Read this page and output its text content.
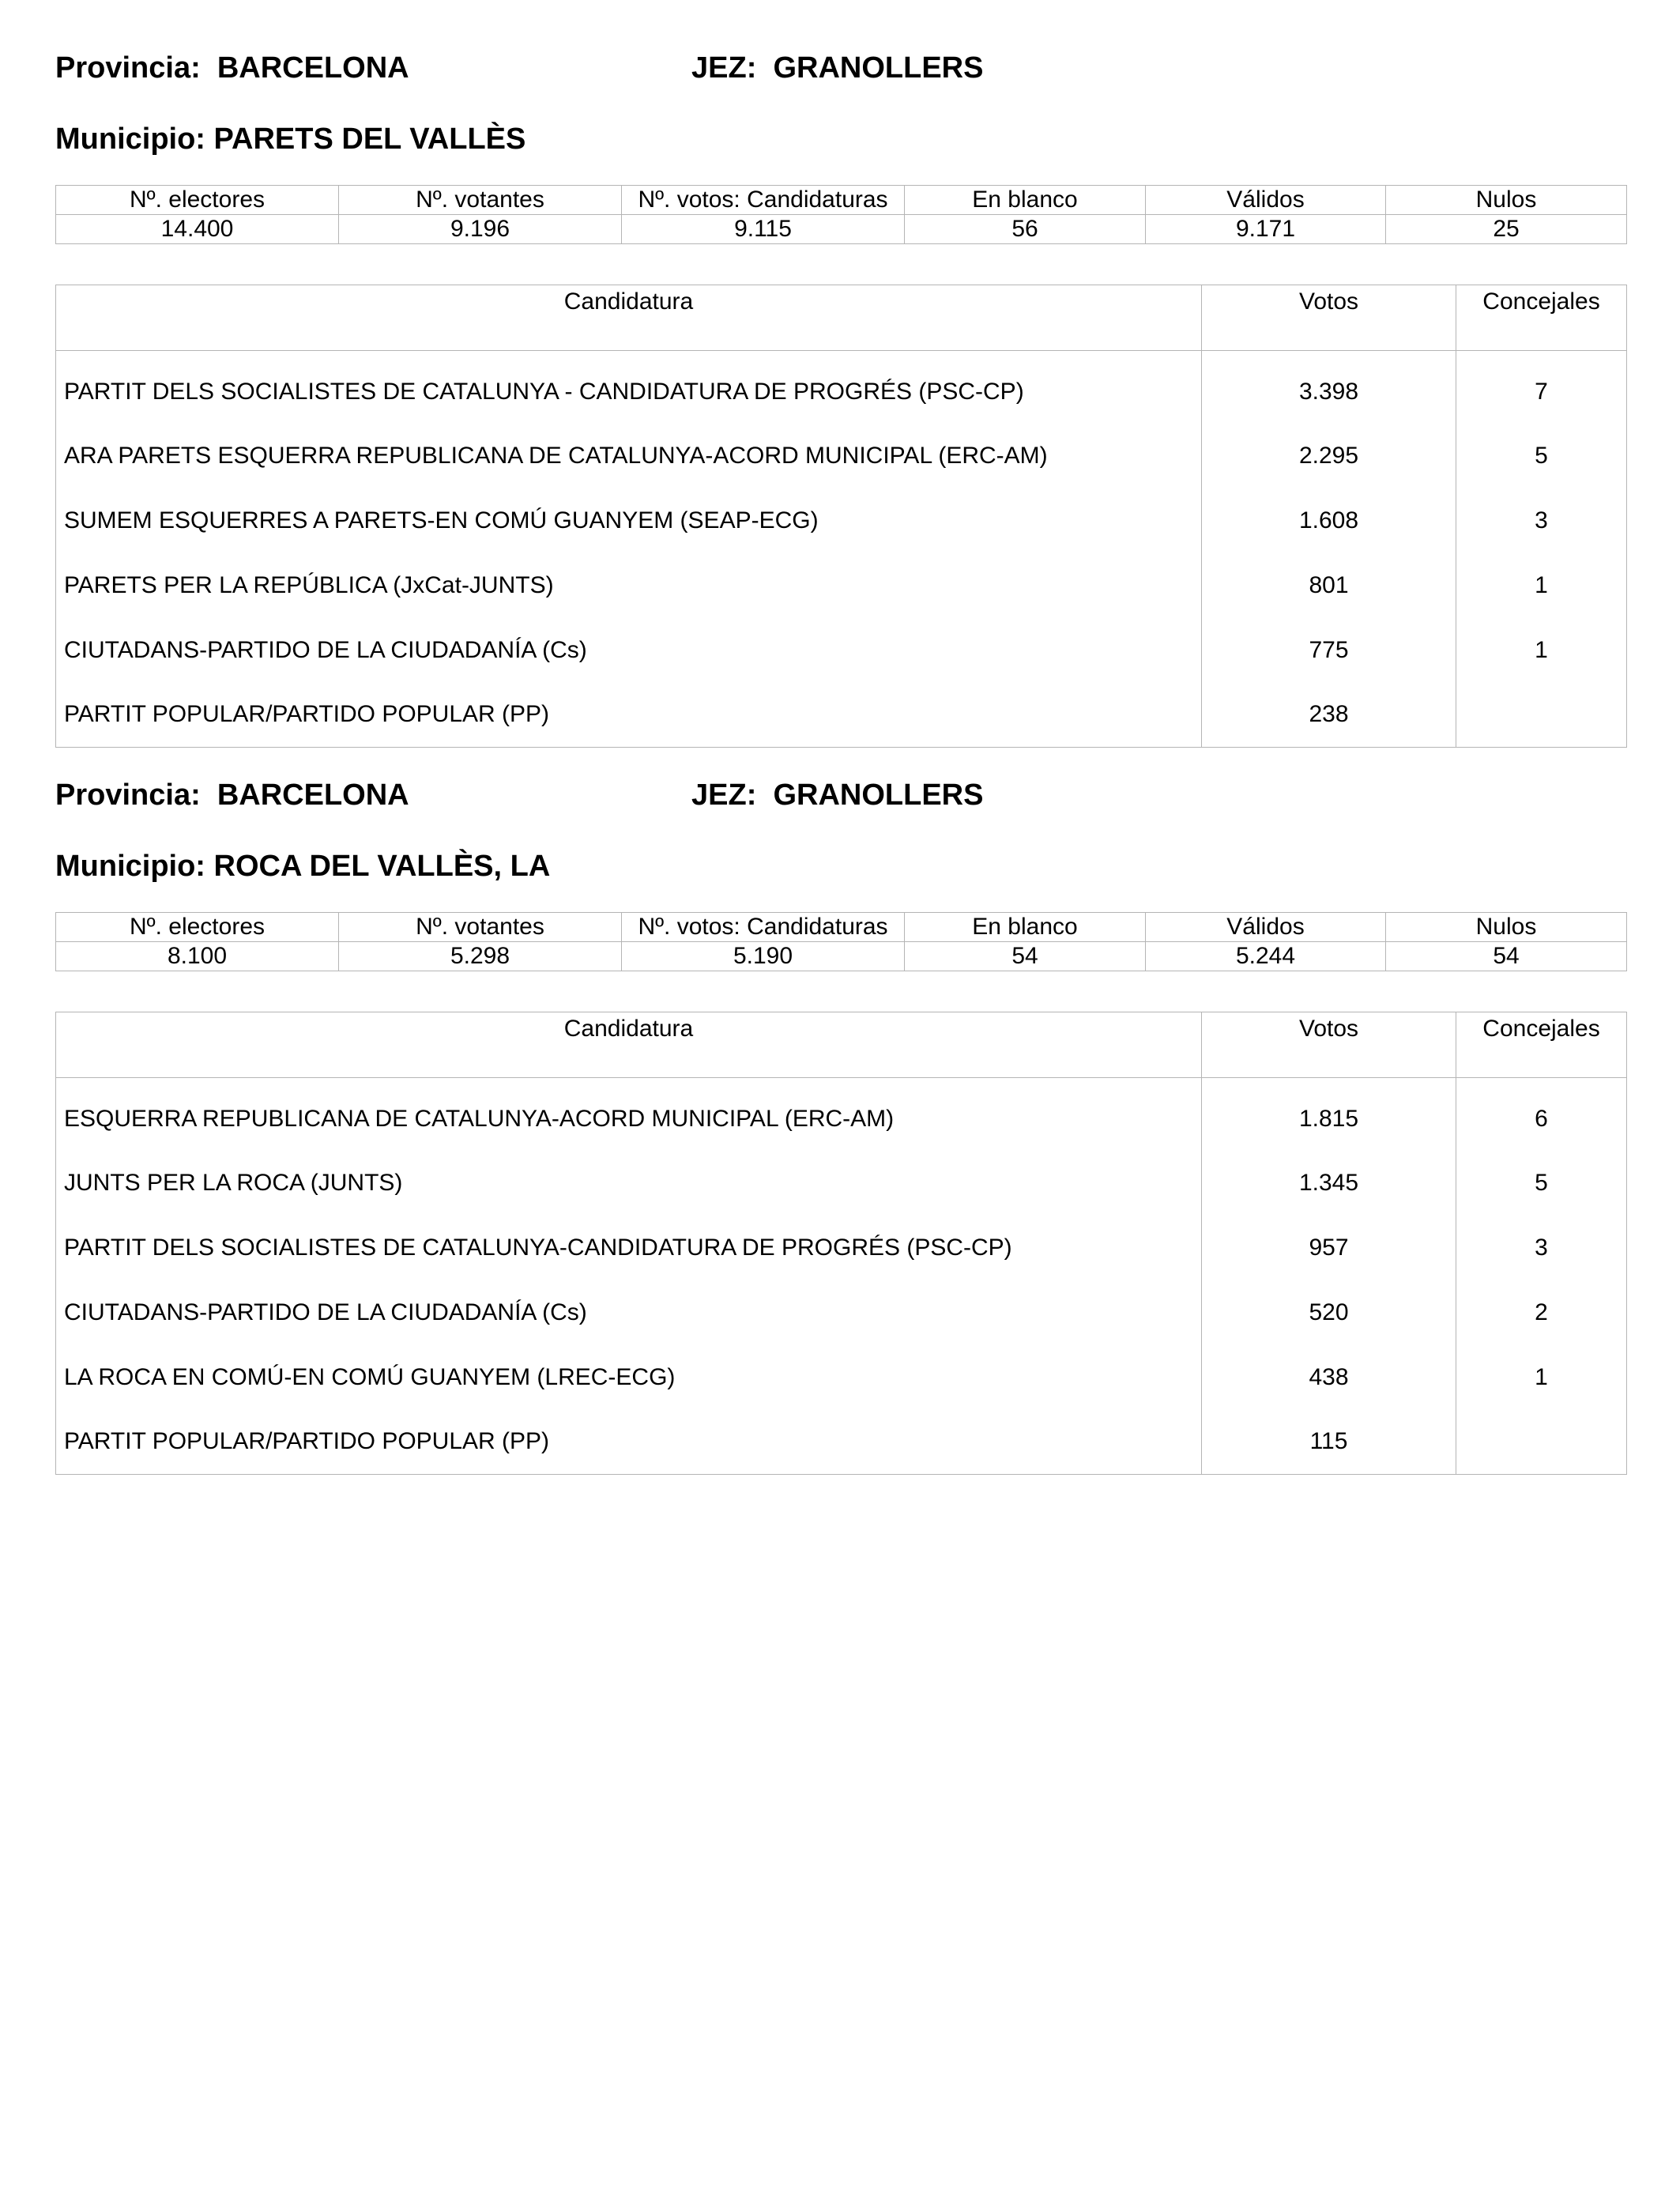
Provincia:  BARCELONA	JEZ:  GRANOLLERS
Municipio: PARETS DEL VALLÈS
Nº. electores	Nº. votantes	Nº. votos: Candidaturas	En blanco	Válidos	Nulos
14.400	9.196	9.115	56	9.171	25
Candidatura	Votos	Concejales
PARTIT DELS SOCIALISTES DE CATALUNYA - CANDIDATURA DE PROGRÉS (PSC-CP)	3.398	7
ARA PARETS ESQUERRA REPUBLICANA DE CATALUNYA-ACORD MUNICIPAL (ERC-AM)	2.295	5
SUMEM ESQUERRES A PARETS-EN COMÚ GUANYEM (SEAP-ECG)	1.608	3
PARETS PER LA REPÚBLICA (JxCat-JUNTS)	801	1
CIUTADANS-PARTIDO DE LA CIUDADANÍA (Cs)	775	1
PARTIT POPULAR/PARTIDO POPULAR (PP)	238	
Provincia:  BARCELONA	JEZ:  GRANOLLERS
Municipio: ROCA DEL VALLÈS, LA
Nº. electores	Nº. votantes	Nº. votos: Candidaturas	En blanco	Válidos	Nulos
8.100	5.298	5.190	54	5.244	54
Candidatura	Votos	Concejales
ESQUERRA REPUBLICANA DE CATALUNYA-ACORD MUNICIPAL (ERC-AM)	1.815	6
JUNTS PER LA ROCA (JUNTS)	1.345	5
PARTIT DELS SOCIALISTES DE CATALUNYA-CANDIDATURA DE PROGRÉS (PSC-CP)	957	3
CIUTADANS-PARTIDO DE LA CIUDADANÍA (Cs)	520	2
LA ROCA EN COMÚ-EN COMÚ GUANYEM (LREC-ECG)	438	1
PARTIT POPULAR/PARTIDO POPULAR (PP)	115	
